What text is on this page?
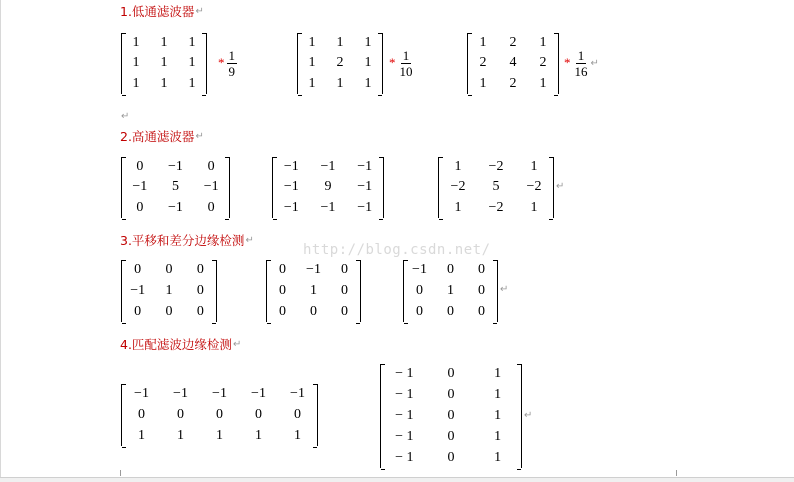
1.低通滤波器↵
1	1	1
1	1	1
1	1	1
* $\frac{1}{9}$
1	1	1
1	2	1
1	1	1
* $\frac{1}{10}$
1	2	1
2	4	2
1	2	1
* $\frac{1}{16}$ ↵
↵
2.高通滤波器↵
0	−1	0
−1	5	−1
0	−1	0
−1	−1	−1
−1	9	−1
−1	−1	−1
1	−2	1
−2	5	−2
1	−2	1
↵
3.平移和差分边缘检测↵
http://blog.csdn.net/
0	0	0
−1	1	0
0	0	0
0	−1	0
0	1	0
0	0	0
−1	0	0
0	1	0
0	0	0
↵
4.匹配滤波边缘检测↵
−1	−1	−1	−1	−1
0	0	0	0	0
1	1	1	1	1
− 1	0	1
− 1	0	1
− 1	0	1
− 1	0	1
− 1	0	1
↵
